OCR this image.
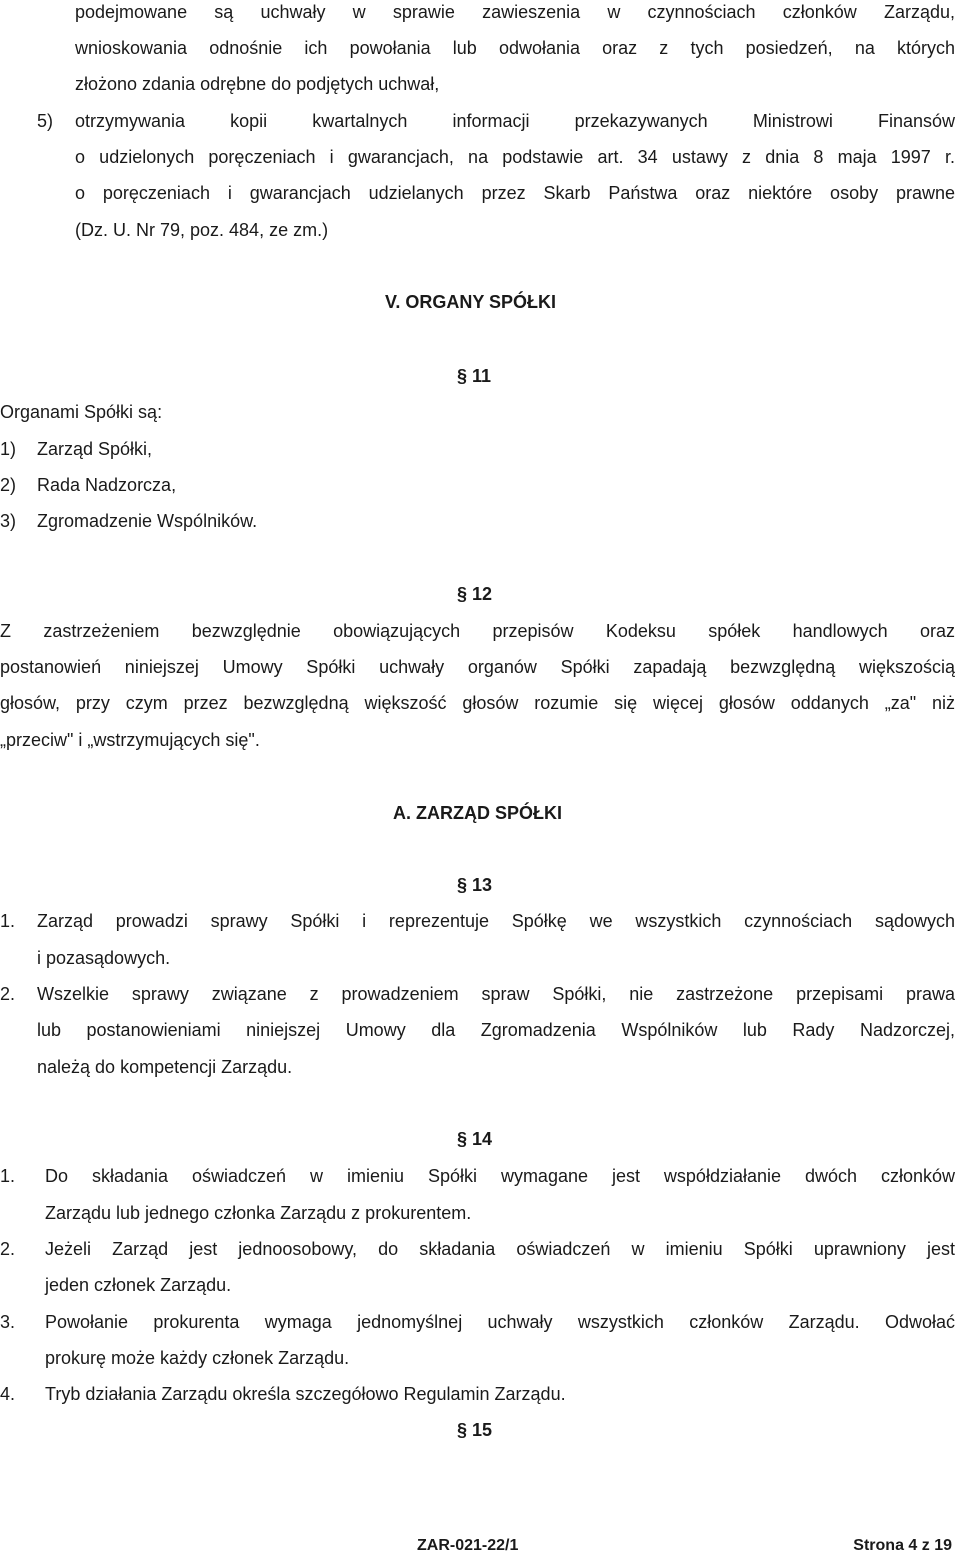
podejmowane są uchwały w sprawie zawieszenia w czynnościach członków Zarządu,
wnioskowania odnośnie ich powołania lub odwołania oraz z tych posiedzeń, na których
złożono zdania odrębne do podjętych uchwał,
5) otrzymywania kopii kwartalnych informacji przekazywanych Ministrowi Finansów
o udzielonych poręczeniach i gwarancjach, na podstawie art. 34 ustawy z dnia 8 maja 1997 r.
o poręczeniach i gwarancjach udzielanych przez Skarb Państwa oraz niektóre osoby prawne
(Dz. U. Nr 79, poz. 484, ze zm.)
V. ORGANY SPÓŁKI
§ 11
Organami Spółki są:
1) Zarząd Spółki,
2) Rada Nadzorcza,
3) Zgromadzenie Wspólników.
§ 12
Z zastrzeżeniem bezwzględnie obowiązujących przepisów Kodeksu spółek handlowych oraz
postanowień niniejszej Umowy Spółki uchwały organów Spółki zapadają bezwzględną większością
głosów, przy czym przez bezwzględną większość głosów rozumie się więcej głosów oddanych „za" niż
„przeciw" i „wstrzymujących się".
A. ZARZĄD SPÓŁKI
§ 13
1. Zarząd prowadzi sprawy Spółki i reprezentuje Spółkę we wszystkich czynnościach sądowych
i pozasądowych.
2. Wszelkie sprawy związane z prowadzeniem spraw Spółki, nie zastrzeżone przepisami prawa
lub postanowieniami niniejszej Umowy dla Zgromadzenia Wspólników lub Rady Nadzorczej,
należą do kompetencji Zarządu.
§ 14
1. Do składania oświadczeń w imieniu Spółki wymagane jest współdziałanie dwóch członków
Zarządu lub jednego członka Zarządu z prokurentem.
2. Jeżeli Zarząd jest jednoosobowy, do składania oświadczeń w imieniu Spółki uprawniony jest
jeden członek Zarządu.
3. Powołanie prokurenta wymaga jednomyślnej uchwały wszystkich członków Zarządu. Odwołać
prokurę może każdy członek Zarządu.
4. Tryb działania Zarządu określa szczegółowo Regulamin Zarządu.
§ 15
ZAR-021-22/1	Strona 4 z 19
